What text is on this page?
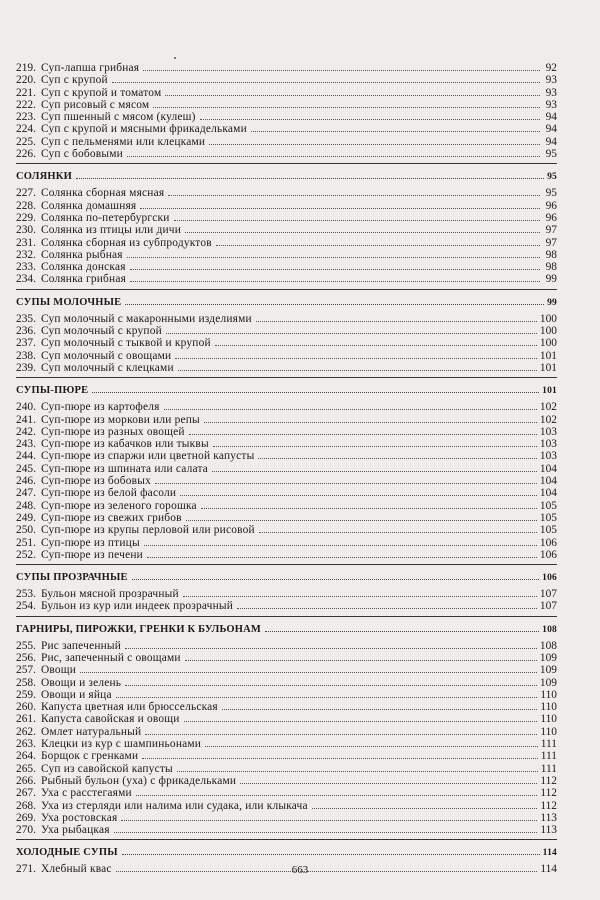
219. Суп-лапша грибная	92
220. Суп с крупой	93
221. Суп с крупой и томатом	93
222. Суп рисовый с мясом	93
223. Суп пшенный с мясом (кулеш)	94
224. Суп с крупой и мясными фрикадельками	94
225. Суп с пельменями или клецками	94
226. Суп с бобовыми	95
СОЛЯНКИ	95
227. Солянка сборная мясная	95
228. Солянка домашняя	96
229. Солянка по-петербургски	96
230. Солянка из птицы или дичи	97
231. Солянка сборная из субпродуктов	97
232. Солянка рыбная	98
233. Солянка донская	98
234. Солянка грибная	99
СУПЫ МОЛОЧНЫЕ	99
235. Суп молочный с макаронными изделиями	100
236. Суп молочный с крупой	100
237. Суп молочный с тыквой и крупой	100
238. Суп молочный с овощами	101
239. Суп молочный с клецками	101
СУПЫ-ПЮРЕ	101
240. Суп-пюре из картофеля	102
241. Суп-пюре из моркови или репы	102
242. Суп-пюре из разных овощей	103
243. Суп-пюре из кабачков или тыквы	103
244. Суп-пюре из спаржи или цветной капусты	103
245. Суп-пюре из шпината или салата	104
246. Суп-пюре из бобовых	104
247. Суп-пюре из белой фасоли	104
248. Суп-пюре из зеленого горошка	105
249. Суп-пюре из свежих грибов	105
250. Суп-пюре из крупы перловой или рисовой	105
251. Суп-пюре из птицы	106
252. Суп-пюре из печени	106
СУПЫ ПРОЗРАЧНЫЕ	106
253. Бульон мясной прозрачный	107
254. Бульон из кур или индеек прозрачный	107
ГАРНИРЫ, ПИРОЖКИ, ГРЕНКИ К БУЛЬОНАМ	108
255. Рис запеченный	108
256. Рис, запеченный с овощами	109
257. Овощи	109
258. Овощи и зелень	109
259. Овощи и яйца	110
260. Капуста цветная или брюссельская	110
261. Капуста савойская и овощи	110
262. Омлет натуральный	110
263. Клецки из кур с шампиньонами	111
264. Борщок с гренками	111
265. Суп из савойской капусты	111
266. Рыбный бульон (уха) с фрикадельками	112
267. Уха с расстегаями	112
268. Уха из стерляди или налима или судака, или клыкача	112
269. Уха ростовская	113
270. Уха рыбацкая	113
ХОЛОДНЫЕ СУПЫ	114
271. Хлебный квас	114
663
